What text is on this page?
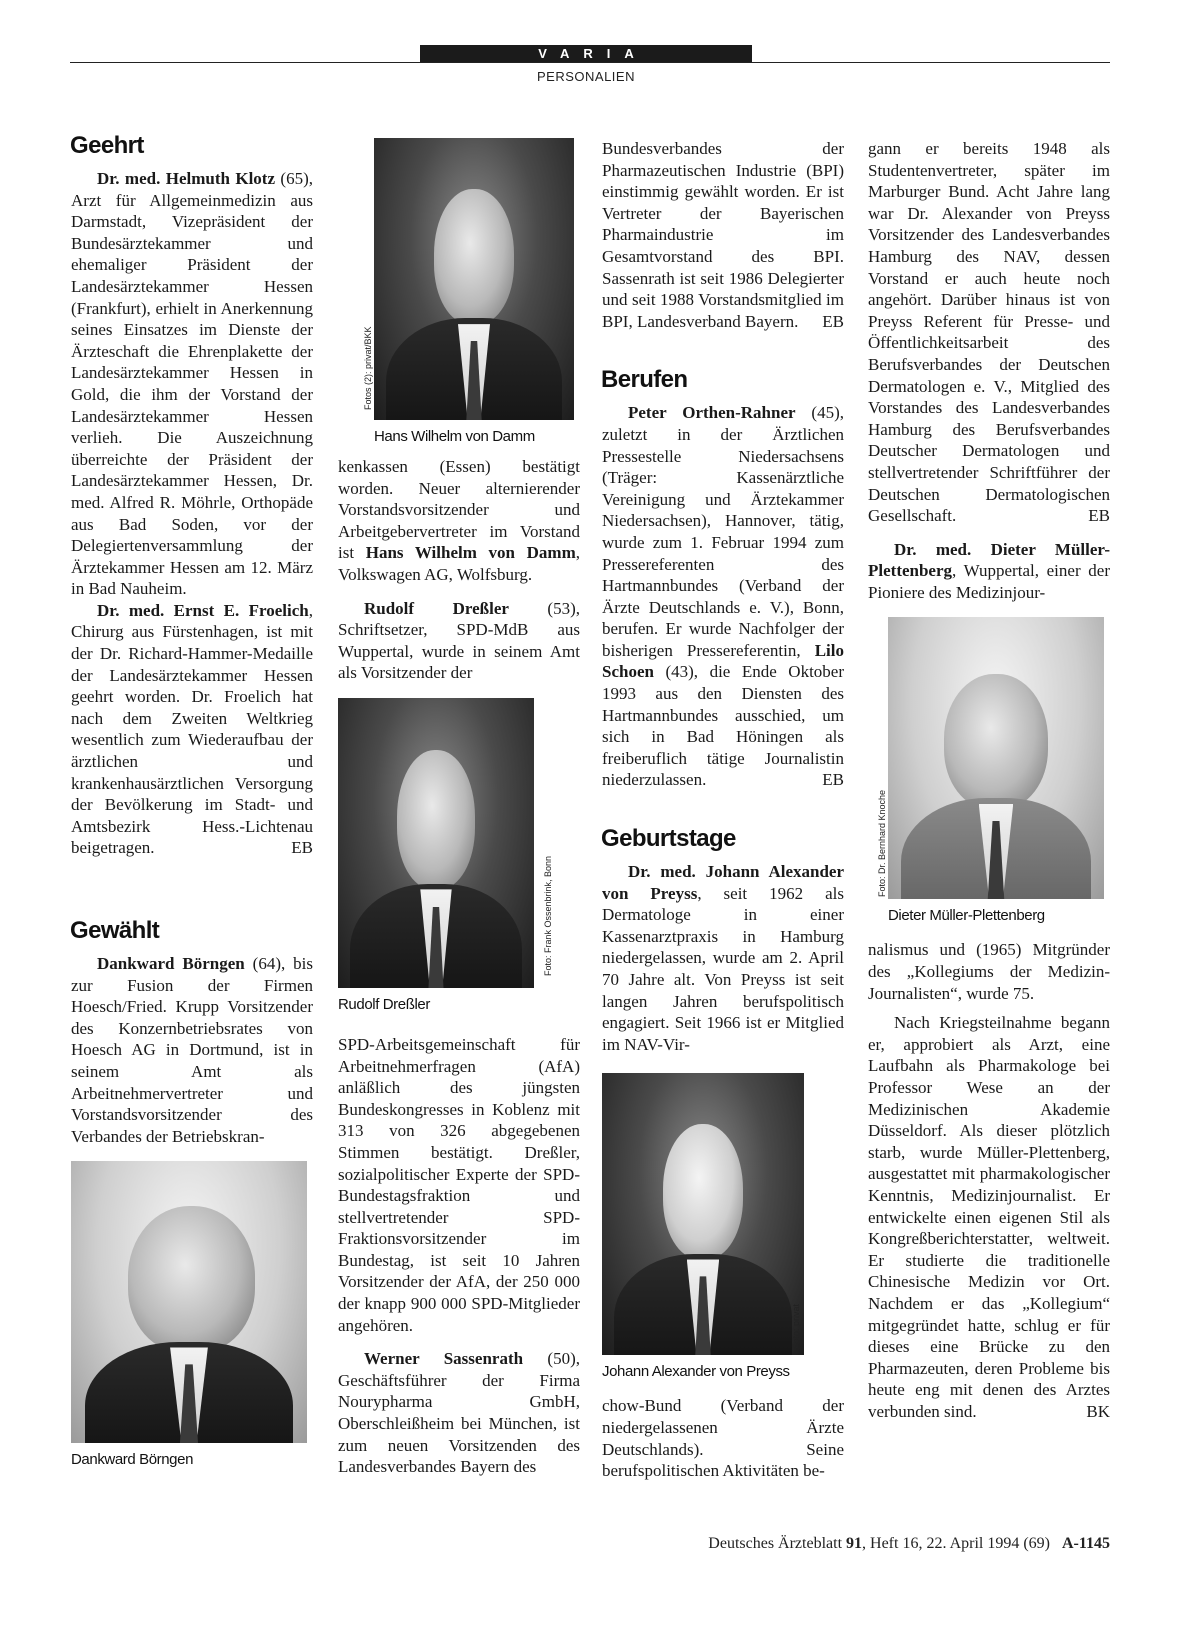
VARIA
PERSONALIEN
Geehrt

Dr. med. Helmuth Klotz (65), Arzt für Allgemeinmedizin aus Darmstadt, Vizepräsident der Bundesärztekammer und ehemaliger Präsident der Landesärztekammer Hessen (Frankfurt), erhielt in Anerkennung seines Einsatzes im Dienste der Ärzteschaft die Ehrenplakette der Landesärztekammer Hessen in Gold, die ihm der Vorstand der Landesärztekammer Hessen verlieh. Die Auszeichnung überreichte der Präsident der Landesärztekammer Hessen, Dr. med. Alfred R. Möhrle, Orthopäde aus Bad Soden, vor der Delegiertenversammlung der Ärztekammer Hessen am 12. März in Bad Nauheim.

Dr. med. Ernst E. Froelich, Chirurg aus Fürstenhagen, ist mit der Dr. Richard-Hammer-Medaille der Landesärztekammer Hessen geehrt worden. Dr. Froelich hat nach dem Zweiten Weltkrieg wesentlich zum Wiederaufbau der ärztlichen und krankenhausärztlichen Versorgung der Bevölkerung im Stadt- und Amtsbezirk Hess.-Lichtenau beigetragen.	EB

Gewählt

Dankward Börngen (64), bis zur Fusion der Firmen Hoesch/Fried. Krupp Vorsitzender des Konzernbetriebsrates von Hoesch AG in Dortmund, ist in seinem Amt als Arbeitnehmervertreter und Vorstandsvorsitzender des Verbandes der Betriebskran-

Dankward Börngen
Fotos (2): privat/BKK
Hans Wilhelm von Damm

kenkassen (Essen) bestätigt worden. Neuer alternierender Vorstandsvorsitzender und Arbeitgebervertreter im Vorstand ist Hans Wilhelm von Damm, Volkswagen AG, Wolfsburg.

Rudolf Dreßler (53), Schriftsetzer, SPD-MdB aus Wuppertal, wurde in seinem Amt als Vorsitzender der

Foto: Frank Ossenbrink, Bonn
Rudolf Dreßler

SPD-Arbeitsgemeinschaft für Arbeitnehmerfragen (AfA) anläßlich des jüngsten Bundeskongresses in Koblenz mit 313 von 326 abgegebenen Stimmen bestätigt. Dreßler, sozialpolitischer Experte der SPD-Bundestagsfraktion und stellvertretender SPD-Fraktionsvorsitzender im Bundestag, ist seit 10 Jahren Vorsitzender der AfA, der 250 000 der knapp 900 000 SPD-Mitglieder angehören.

Werner Sassenrath (50), Geschäftsführer der Firma Nourypharma GmbH, Oberschleißheim bei München, ist zum neuen Vorsitzenden des Landesverbandes Bayern des

Bundesverbandes der Pharmazeutischen Industrie (BPI) einstimmig gewählt worden. Er ist Vertreter der Bayerischen Pharmaindustrie im Gesamtvorstand des BPI. Sassenrath ist seit 1986 Delegierter und seit 1988 Vorstandsmitglied im BPI, Landesverband Bayern. EB

Berufen

Peter Orthen-Rahner (45), zuletzt in der Ärztlichen Pressestelle Niedersachsens (Träger: Kassenärztliche Vereinigung und Ärztekammer Niedersachsen), Hannover, tätig, wurde zum 1. Februar 1994 zum Pressereferenten des Hartmannbundes (Verband der Ärzte Deutschlands e. V.), Bonn, berufen. Er wurde Nachfolger der bisherigen Pressereferentin, Lilo Schoen (43), die Ende Oktober 1993 aus den Diensten des Hartmannbundes ausschied, um sich in Bad Höningen als freiberuflich tätige Journalistin niederzulassen.	EB

Geburtstage

Dr. med. Johann Alexander von Preyss, seit 1962 als Dermatologe in einer Kassenarztpraxis in Hamburg niedergelassen, wurde am 2. April 70 Jahre alt. Von Preyss ist seit langen Jahren berufspolitisch engagiert. Seit 1966 ist er Mitglied im NAV-Vir-

Foto: privat
Johann Alexander von Preyss

chow-Bund (Verband der niedergelassenen Ärzte Deutschlands). Seine berufspolitischen Aktivitäten be-

gann er bereits 1948 als Studentenvertreter, später im Marburger Bund. Acht Jahre lang war Dr. Alexander von Preyss Vorsitzender des Landesverbandes Hamburg des NAV, dessen Vorstand er auch heute noch angehört. Darüber hinaus ist von Preyss Referent für Presse- und Öffentlichkeitsarbeit des Berufsverbandes der Deutschen Dermatologen e. V., Mitglied des Vorstandes des Landesverbandes Hamburg des Berufsverbandes Deutscher Dermatologen und stellvertretender Schriftführer der Deutschen Dermatologischen Gesellschaft.	EB

Dr. med. Dieter Müller-Plettenberg, Wuppertal, einer der Pioniere des Medizinjour-

Foto: Dr. Bernhard Knoche
Dieter Müller-Plettenberg

nalismus und (1965) Mitgründer des „Kollegiums der Medizin-Journalisten“, wurde 75.

Nach Kriegsteilnahme begann er, approbiert als Arzt, eine Laufbahn als Pharmakologe bei Professor Wese an der Medizinischen Akademie Düsseldorf. Als dieser plötzlich starb, wurde Müller-Plettenberg, ausgestattet mit pharmakologischer Kenntnis, Medizinjournalist. Er entwickelte einen eigenen Stil als Kongreßberichterstatter, weltweit. Er studierte die traditionelle Chinesische Medizin vor Ort. Nachdem er das „Kollegium“ mitgegründet hatte, schlug er für dieses eine Brücke zu den Pharmazeuten, deren Probleme bis heute eng mit denen des Arztes verbunden sind.	BK

Deutsches Ärzteblatt 91, Heft 16, 22. April 1994 (69) A-1145
